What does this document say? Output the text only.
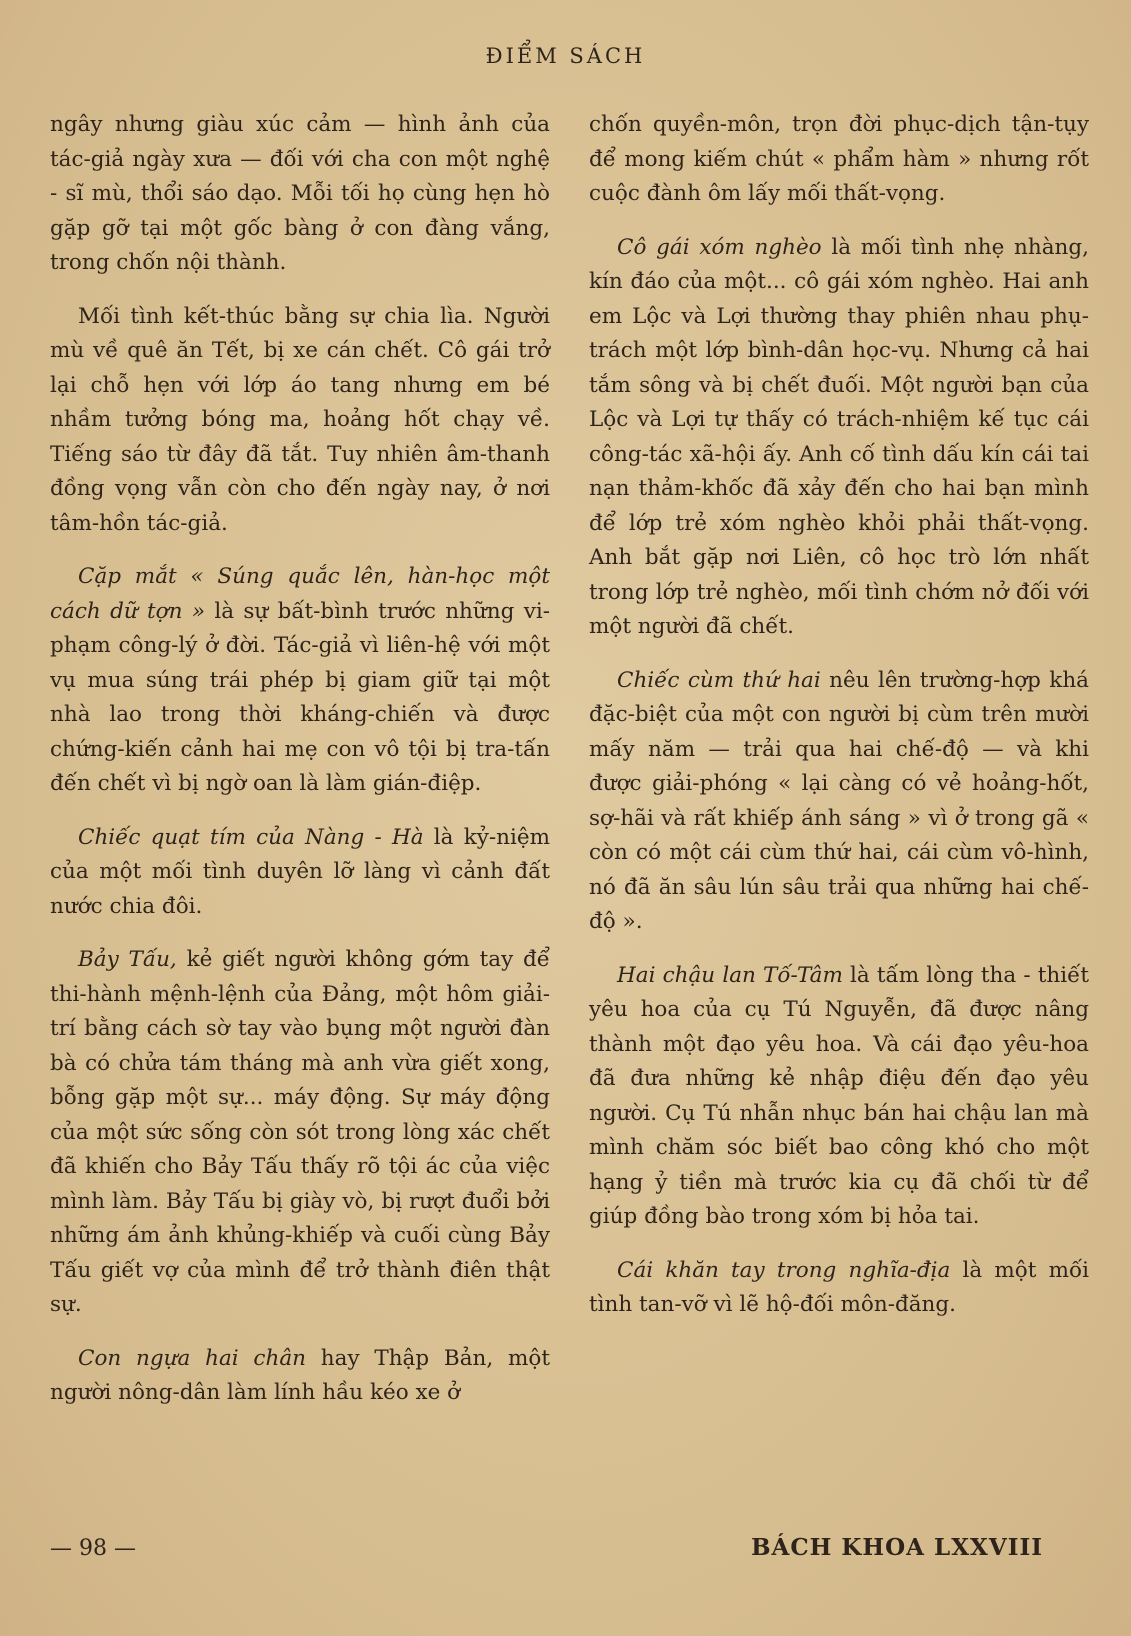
ĐIỂM SÁCH

ngây nhưng giàu xúc cảm — hình ảnh của tác-giả ngày xưa — đối với cha con một nghệ - sĩ mù, thổi sáo dạo. Mỗi tối họ cùng hẹn hò gặp gỡ tại một gốc bàng ở con đàng vắng, trong chốn nội thành.

Mối tình kết-thúc bằng sự chia lìa. Người mù về quê ăn Tết, bị xe cán chết. Cô gái trở lại chỗ hẹn với lớp áo tang nhưng em bé nhầm tưởng bóng ma, hoảng hốt chạy về. Tiếng sáo từ đây đã tắt. Tuy nhiên âm-thanh đồng vọng vẫn còn cho đến ngày nay, ở nơi tâm-hồn tác-giả.

Cặp mắt « Súng quắc lên, hàn-học một cách dữ tợn » là sự bất-bình trước những vi-phạm công-lý ở đời. Tác-giả vì liên-hệ với một vụ mua súng trái phép bị giam giữ tại một nhà lao trong thời kháng-chiến và được chứng-kiến cảnh hai mẹ con vô tội bị tra-tấn đến chết vì bị ngờ oan là làm gián-điệp.

Chiếc quạt tím của Nàng - Hà là kỷ-niệm của một mối tình duyên lỡ làng vì cảnh đất nước chia đôi.

Bảy Tấu, kẻ giết người không gớm tay để thi-hành mệnh-lệnh của Đảng, một hôm giải-trí bằng cách sờ tay vào bụng một người đàn bà có chửa tám tháng mà anh vừa giết xong, bỗng gặp một sự... máy động. Sự máy động của một sức sống còn sót trong lòng xác chết đã khiến cho Bảy Tấu thấy rõ tội ác của việc mình làm. Bảy Tấu bị giày vò, bị rượt đuổi bởi những ám ảnh khủng-khiếp và cuối cùng Bảy Tấu giết vợ của mình để trở thành điên thật sự.

Con ngựa hai chân hay Thập Bản, một người nông-dân làm lính hầu kéo xe ở

chốn quyền-môn, trọn đời phục-dịch tận-tụy để mong kiếm chút « phẩm hàm » nhưng rốt cuộc đành ôm lấy mối thất-vọng.

Cô gái xóm nghèo là mối tình nhẹ nhàng, kín đáo của một... cô gái xóm nghèo. Hai anh em Lộc và Lợi thường thay phiên nhau phụ-trách một lớp bình-dân học-vụ. Nhưng cả hai tắm sông và bị chết đuối. Một người bạn của Lộc và Lợi tự thấy có trách-nhiệm kế tục cái công-tác xã-hội ấy. Anh cố tình dấu kín cái tai nạn thảm-khốc đã xảy đến cho hai bạn mình để lớp trẻ xóm nghèo khỏi phải thất-vọng. Anh bắt gặp nơi Liên, cô học trò lớn nhất trong lớp trẻ nghèo, mối tình chớm nở đối với một người đã chết.

Chiếc cùm thứ hai nêu lên trường-hợp khá đặc-biệt của một con người bị cùm trên mười mấy năm — trải qua hai chế-độ — và khi được giải-phóng « lại càng có vẻ hoảng-hốt, sợ-hãi và rất khiếp ánh sáng » vì ở trong gã « còn có một cái cùm thứ hai, cái cùm vô-hình, nó đã ăn sâu lún sâu trải qua những hai chế-độ ».

Hai chậu lan Tố-Tâm là tấm lòng tha - thiết yêu hoa của cụ Tú Nguyễn, đã được nâng thành một đạo yêu hoa. Và cái đạo yêu-hoa đã đưa những kẻ nhập điệu đến đạo yêu người. Cụ Tú nhẫn nhục bán hai chậu lan mà mình chăm sóc biết bao công khó cho một hạng ỷ tiền mà trước kia cụ đã chối từ để giúp đồng bào trong xóm bị hỏa tai.

Cái khăn tay trong nghĩa-địa là một mối tình tan-vỡ vì lẽ hộ-đối môn-đăng.

— 98 —	BÁCH KHOA LXXVIII
